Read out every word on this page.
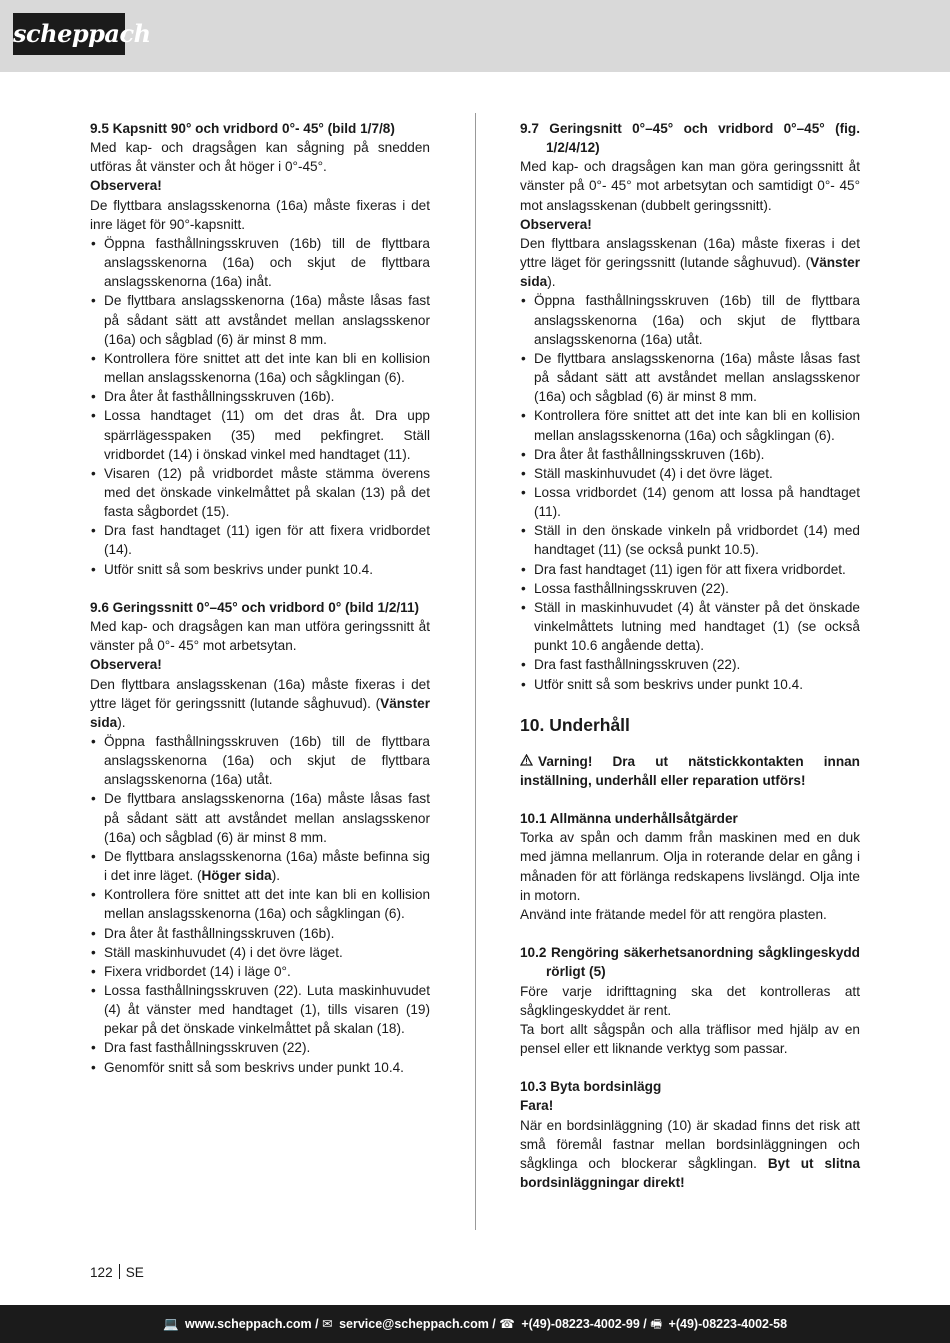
scheppach

9.5 Kapsnitt 90° och vridbord 0°- 45° (bild 1/7/8)

Med kap- och dragsågen kan sågning på snedden utföras åt vänster och åt höger i 0°-45°.

Observera!

De flyttbara anslagsskenorna (16a) måste fixeras i det inre läget för 90°-kapsnitt.

• Öppna fasthållningsskruven (16b) till de flyttbara anslagsskenorna (16a) och skjut de flyttbara anslagsskenorna (16a) inåt.
• De flyttbara anslagsskenorna (16a) måste låsas fast på sådant sätt att avståndet mellan anslagsskenor (16a) och sågblad (6) är minst 8 mm.
• Kontrollera före snittet att det inte kan bli en kollision mellan anslagsskenorna (16a) och sågklingan (6).
• Dra åter åt fasthållningsskruven (16b).
• Lossa handtaget (11) om det dras åt. Dra upp spärrlägesspaken (35) med pekfingret. Ställ vridbordet (14) i önskad vinkel med handtaget (11).
• Visaren (12) på vridbordet måste stämma överens med det önskade vinkelmåttet på skalan (13) på det fasta sågbordet (15).
• Dra fast handtaget (11) igen för att fixera vridbordet (14).
• Utför snitt så som beskrivs under punkt 10.4.

9.6 Geringssnitt 0°–45° och vridbord 0° (bild 1/2/11)

Med kap- och dragsågen kan man utföra geringssnitt åt vänster på 0°- 45° mot arbetsytan.

Observera!

Den flyttbara anslagsskenan (16a) måste fixeras i det yttre läget för geringssnitt (lutande såghuvud). (Vänster sida).

• Öppna fasthållningsskruven (16b) till de flyttbara anslagsskenorna (16a) och skjut de flyttbara anslagsskenorna (16a) utåt.
• De flyttbara anslagsskenorna (16a) måste låsas fast på sådant sätt att avståndet mellan anslagsskenor (16a) och sågblad (6) är minst 8 mm.
• De flyttbara anslagsskenorna (16a) måste befinna sig i det inre läget. (Höger sida).
• Kontrollera före snittet att det inte kan bli en kollision mellan anslagsskenorna (16a) och sågklingan (6).
• Dra åter åt fasthållningsskruven (16b).
• Ställ maskinhuvudet (4) i det övre läget.
• Fixera vridbordet (14) i läge 0°.
• Lossa fasthållningsskruven (22). Luta maskinhuvudet (4) åt vänster med handtaget (1), tills visaren (19) pekar på det önskade vinkelmåttet på skalan (18).
• Dra fast fasthållningsskruven (22).
• Genomför snitt så som beskrivs under punkt 10.4.

9.7 Geringsnitt 0°–45° och vridbord 0°–45° (fig. 1/2/4/12)

Med kap- och dragsågen kan man göra geringssnitt åt vänster på 0°- 45° mot arbetsytan och samtidigt 0°- 45° mot anslagsskenan (dubbelt geringssnitt).

Observera!

Den flyttbara anslagsskenan (16a) måste fixeras i det yttre läget för geringssnitt (lutande såghuvud). (Vänster sida).

• Öppna fasthållningsskruven (16b) till de flyttbara anslagsskenorna (16a) och skjut de flyttbara anslagsskenorna (16a) utåt.
• De flyttbara anslagsskenorna (16a) måste låsas fast på sådant sätt att avståndet mellan anslagsskenor (16a) och sågblad (6) är minst 8 mm.
• Kontrollera före snittet att det inte kan bli en kollision mellan anslagsskenorna (16a) och sågklingan (6).
• Dra åter åt fasthållningsskruven (16b).
• Ställ maskinhuvudet (4) i det övre läget.
• Lossa vridbordet (14) genom att lossa på handtaget (11).
• Ställ in den önskade vinkeln på vridbordet (14) med handtaget (11) (se också punkt 10.5).
• Dra fast handtaget (11) igen för att fixera vridbordet.
• Lossa fasthållningsskruven (22).
• Ställ in maskinhuvudet (4) åt vänster på det önskade vinkelmåttets lutning med handtaget (1) (se också punkt 10.6 angående detta).
• Dra fast fasthållningsskruven (22).
• Utför snitt så som beskrivs under punkt 10.4.

10. Underhåll

Varning! Dra ut nätstickkontakten innan inställning, underhåll eller reparation utförs!

10.1 Allmänna underhållsåtgärder

Torka av spån och damm från maskinen med en duk med jämna mellanrum. Olja in roterande delar en gång i månaden för att förlänga redskapens livslängd. Olja inte in motorn.

Använd inte frätande medel för att rengöra plasten.

10.2 Rengöring säkerhetsanordning sågklingeskydd rörligt (5)

Före varje idrifttagning ska det kontrolleras att sågklingeskyddet är rent.

Ta bort allt sågspån och alla träflisor med hjälp av en pensel eller ett liknande verktyg som passar.

10.3 Byta bordsinlägg

Fara!

När en bordsinläggning (10) är skadad finns det risk att små föremål fastnar mellan bordsinläggningen och sågklinga och blockerar sågklingan. Byt ut slitna bordsinläggningar direkt!

122 SE
💻 www.scheppach.com / ✉ service@scheppach.com / ☎ +(49)-08223-4002-99 / 🖷 +(49)-08223-4002-58
